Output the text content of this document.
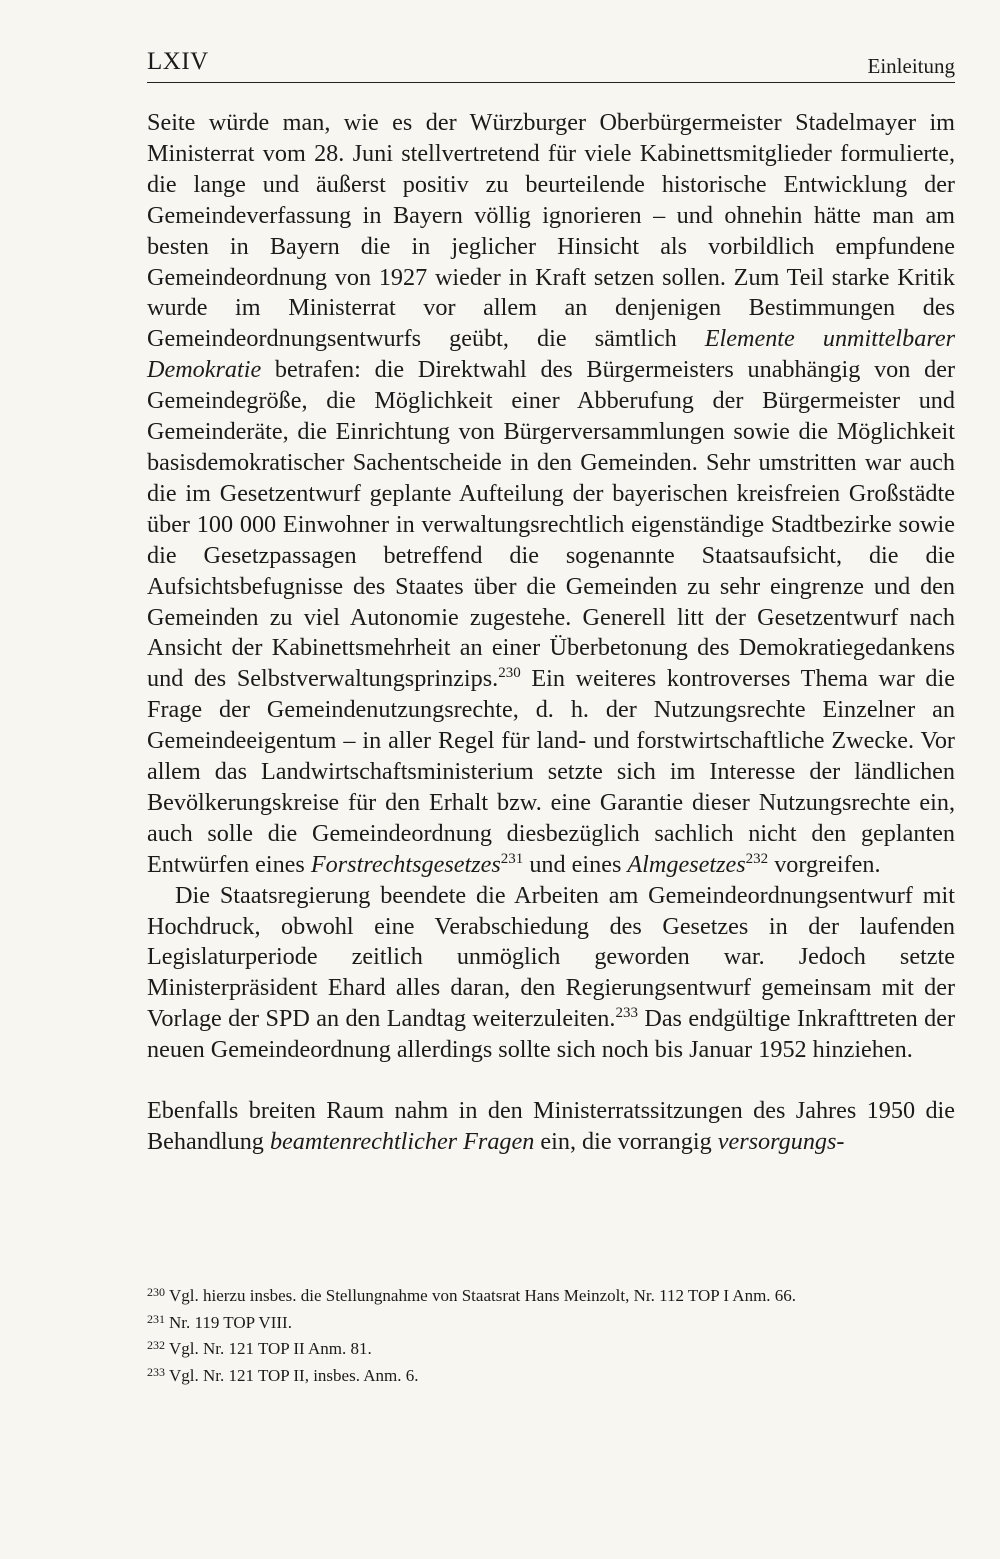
LXIV	Einleitung

Seite würde man, wie es der Würzburger Oberbürgermeister Stadelmayer im Ministerrat vom 28. Juni stellvertretend für viele Kabinettsmitglieder formulierte, die lange und äußerst positiv zu beurteilende historische Entwicklung der Gemeindeverfassung in Bayern völlig ignorieren – und ohnehin hätte man am besten in Bayern die in jeglicher Hinsicht als vorbildlich empfundene Gemeindeordnung von 1927 wieder in Kraft setzen sollen. Zum Teil starke Kritik wurde im Ministerrat vor allem an denjenigen Bestimmungen des Gemeindeordnungsentwurfs geübt, die sämtlich Elemente unmittelbarer Demokratie betrafen: die Direktwahl des Bürgermeisters unabhängig von der Gemeindegröße, die Möglichkeit einer Abberufung der Bürgermeister und Gemeinderäte, die Einrichtung von Bürgerversammlungen sowie die Möglichkeit basisdemokratischer Sachentscheide in den Gemeinden. Sehr umstritten war auch die im Gesetzentwurf geplante Aufteilung der bayerischen kreisfreien Großstädte über 100 000 Einwohner in verwaltungsrechtlich eigenständige Stadtbezirke sowie die Gesetzpassagen betreffend die sogenannte Staatsaufsicht, die die Aufsichtsbefugnisse des Staates über die Gemeinden zu sehr eingrenze und den Gemeinden zu viel Autonomie zugestehe. Generell litt der Gesetzentwurf nach Ansicht der Kabinettsmehrheit an einer Überbetonung des Demokratiegedankens und des Selbstverwaltungsprinzips.$^{230}$ Ein weiteres kontroverses Thema war die Frage der Gemeindenutzungsrechte, d. h. der Nutzungsrechte Einzelner an Gemeindeeigentum – in aller Regel für land- und forstwirtschaftliche Zwecke. Vor allem das Landwirtschaftsministerium setzte sich im Interesse der ländlichen Bevölkerungskreise für den Erhalt bzw. eine Garantie dieser Nutzungsrechte ein, auch solle die Gemeindeordnung diesbezüglich sachlich nicht den geplanten Entwürfen eines Forstrechtsgesetzes$^{231}$ und eines Almgesetzes$^{232}$ vorgreifen.

Die Staatsregierung beendete die Arbeiten am Gemeindeordnungsentwurf mit Hochdruck, obwohl eine Verabschiedung des Gesetzes in der laufenden Legislaturperiode zeitlich unmöglich geworden war. Jedoch setzte Ministerpräsident Ehard alles daran, den Regierungsentwurf gemeinsam mit der Vorlage der SPD an den Landtag weiterzuleiten.$^{233}$ Das endgültige Inkrafttreten der neuen Gemeindeordnung allerdings sollte sich noch bis Januar 1952 hinziehen.

Ebenfalls breiten Raum nahm in den Ministerratssitzungen des Jahres 1950 die Behandlung beamtenrechtlicher Fragen ein, die vorrangig versorgungs-

$^{230}$ Vgl. hierzu insbes. die Stellungnahme von Staatsrat Hans Meinzolt, Nr. 112 TOP I Anm. 66.

$^{231}$ Nr. 119 TOP VIII.

$^{232}$ Vgl. Nr. 121 TOP II Anm. 81.

$^{233}$ Vgl. Nr. 121 TOP II, insbes. Anm. 6.
